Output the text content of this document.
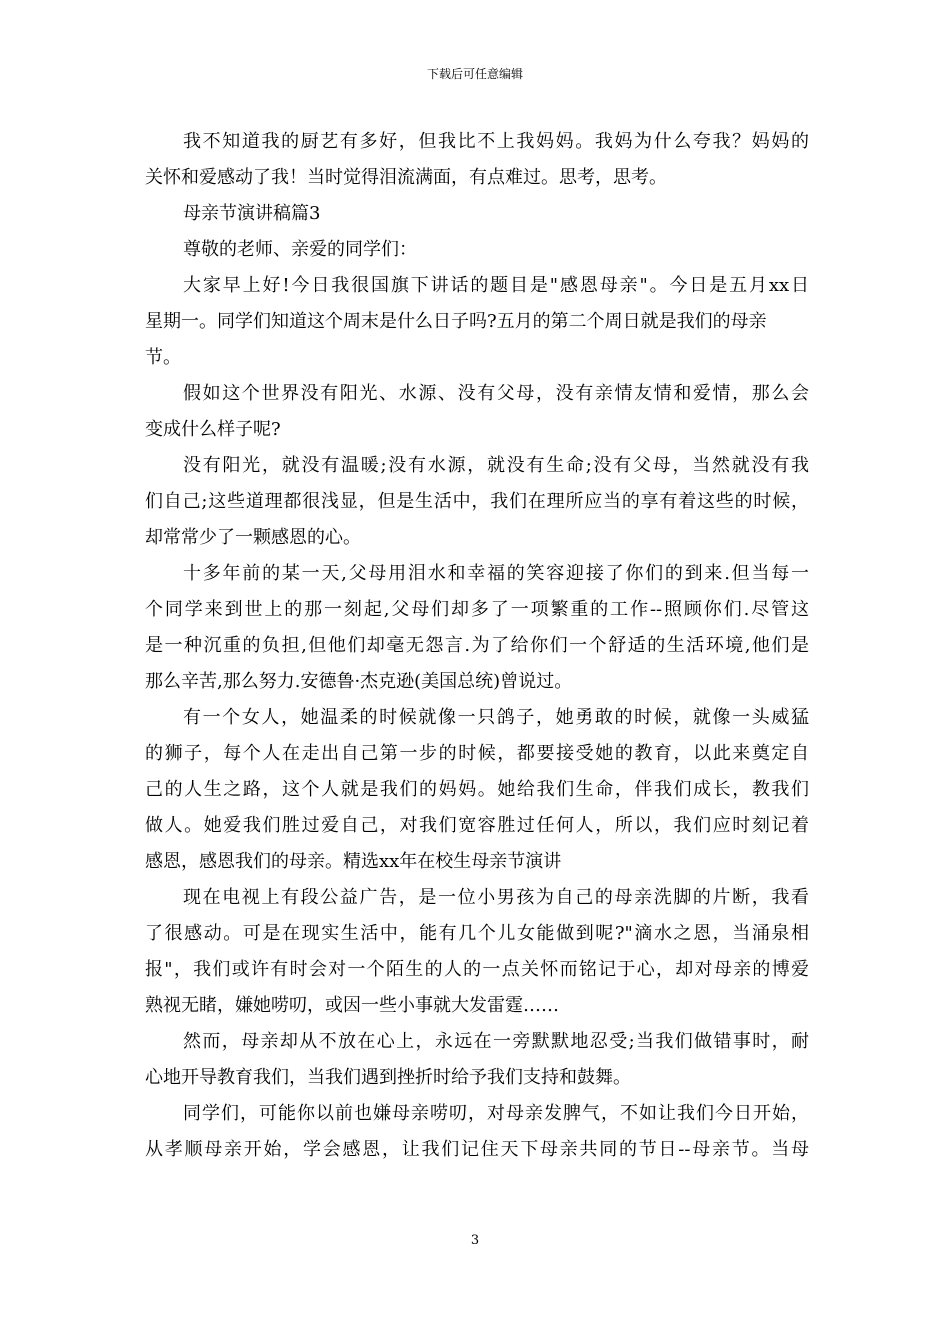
下载后可任意编辑
我不知道我的厨艺有多好，但我比不上我妈妈。我妈为什么夸我？妈妈的
关怀和爱感动了我！当时觉得泪流满面，有点难过。思考，思考。
母亲节演讲稿篇3
尊敬的老师、亲爱的同学们：
大家早上好!今日我很国旗下讲话的题目是"感恩母亲"。今日是五月xx日
星期一。同学们知道这个周末是什么日子吗?五月的第二个周日就是我们的母亲
节。
假如这个世界没有阳光、水源、没有父母，没有亲情友情和爱情，那么会
变成什么样子呢?
没有阳光，就没有温暖;没有水源，就没有生命;没有父母，当然就没有我
们自己;这些道理都很浅显，但是生活中，我们在理所应当的享有着这些的时候，
却常常少了一颗感恩的心。
十多年前的某一天,父母用泪水和幸福的笑容迎接了你们的到来.但当每一
个同学来到世上的那一刻起,父母们却多了一项繁重的工作--照顾你们.尽管这
是一种沉重的负担,但他们却毫无怨言.为了给你们一个舒适的生活环境,他们是
那么辛苦,那么努力.安德鲁·杰克逊(美国总统)曾说过。
有一个女人，她温柔的时候就像一只鸽子，她勇敢的时候，就像一头威猛
的狮子，每个人在走出自己第一步的时候，都要接受她的教育，以此来奠定自
己的人生之路，这个人就是我们的妈妈。她给我们生命，伴我们成长，教我们
做人。她爱我们胜过爱自己，对我们宽容胜过任何人，所以，我们应时刻记着
感恩，感恩我们的母亲。精选xx年在校生母亲节演讲
现在电视上有段公益广告，是一位小男孩为自己的母亲洗脚的片断，我看
了很感动。可是在现实生活中，能有几个儿女能做到呢?"滴水之恩，当涌泉相
报"，我们或许有时会对一个陌生的人的一点关怀而铭记于心，却对母亲的博爱
熟视无睹，嫌她唠叨，或因一些小事就大发雷霆……
然而，母亲却从不放在心上，永远在一旁默默地忍受;当我们做错事时，耐
心地开导教育我们，当我们遇到挫折时给予我们支持和鼓舞。
同学们，可能你以前也嫌母亲唠叨，对母亲发脾气，不如让我们今日开始，
从孝顺母亲开始，学会感恩，让我们记住天下母亲共同的节日--母亲节。当母
3
